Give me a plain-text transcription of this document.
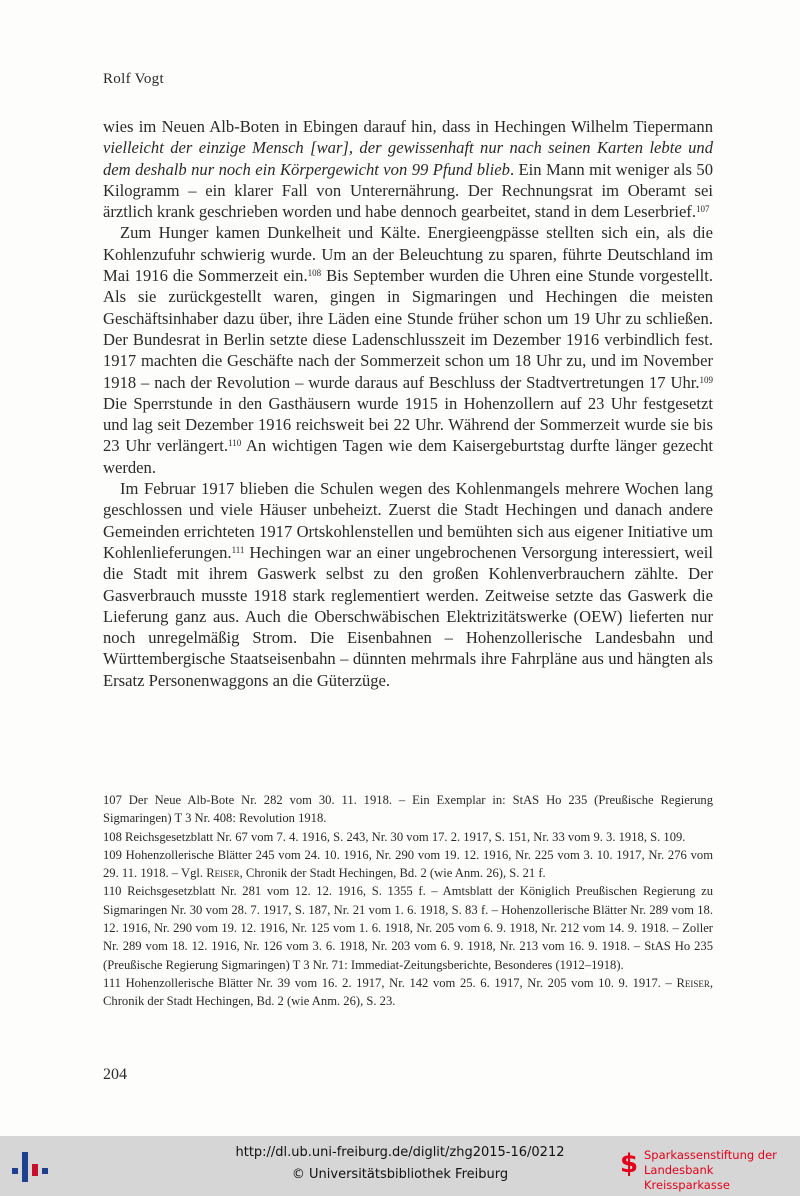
Rolf Vogt

wies im Neuen Alb-Boten in Ebingen darauf hin, dass in Hechingen Wilhelm Tiepermann vielleicht der einzige Mensch [war], der gewissenhaft nur nach seinen Karten lebte und dem deshalb nur noch ein Körpergewicht von 99 Pfund blieb. Ein Mann mit weniger als 50 Kilogramm – ein klarer Fall von Unterernährung. Der Rechnungsrat im Oberamt sei ärztlich krank geschrieben worden und habe dennoch gearbeitet, stand in dem Leserbrief.$^{107}$

Zum Hunger kamen Dunkelheit und Kälte. Energieengpässe stellten sich ein, als die Kohlenzufuhr schwierig wurde. Um an der Beleuchtung zu sparen, führte Deutschland im Mai 1916 die Sommerzeit ein.$^{108}$ Bis September wurden die Uhren eine Stunde vorgestellt. Als sie zurückgestellt waren, gingen in Sigmaringen und Hechingen die meisten Geschäftsinhaber dazu über, ihre Läden eine Stunde früher schon um 19 Uhr zu schließen. Der Bundesrat in Berlin setzte diese Ladenschlusszeit im Dezember 1916 verbindlich fest. 1917 machten die Geschäfte nach der Sommerzeit schon um 18 Uhr zu, und im November 1918 – nach der Revolution – wurde daraus auf Beschluss der Stadtvertretungen 17 Uhr.$^{109}$ Die Sperrstunde in den Gasthäusern wurde 1915 in Hohenzollern auf 23 Uhr festgesetzt und lag seit Dezember 1916 reichsweit bei 22 Uhr. Während der Sommerzeit wurde sie bis 23 Uhr verlängert.$^{110}$ An wichtigen Tagen wie dem Kaisergeburtstag durfte länger gezecht werden.

Im Februar 1917 blieben die Schulen wegen des Kohlenmangels mehrere Wochen lang geschlossen und viele Häuser unbeheizt. Zuerst die Stadt Hechingen und danach andere Gemeinden errichteten 1917 Ortskohlenstellen und bemühten sich aus eigener Initiative um Kohlenlieferungen.$^{111}$ Hechingen war an einer ungebrochenen Versorgung interessiert, weil die Stadt mit ihrem Gaswerk selbst zu den großen Kohlenverbrauchern zählte. Der Gasverbrauch musste 1918 stark reglementiert werden. Zeitweise setzte das Gaswerk die Lieferung ganz aus. Auch die Oberschwäbischen Elektrizitätswerke (OEW) lieferten nur noch unregelmäßig Strom. Die Eisenbahnen – Hohenzollerische Landesbahn und Württembergische Staatseisenbahn – dünnten mehrmals ihre Fahrpläne aus und hängten als Ersatz Personenwaggons an die Güterzüge.

107 Der Neue Alb-Bote Nr. 282 vom 30. 11. 1918. – Ein Exemplar in: StAS Ho 235 (Preußische Regierung Sigmaringen) T 3 Nr. 408: Revolution 1918.

108 Reichsgesetzblatt Nr. 67 vom 7. 4. 1916, S. 243, Nr. 30 vom 17. 2. 1917, S. 151, Nr. 33 vom 9. 3. 1918, S. 109.

109 Hohenzollerische Blätter 245 vom 24. 10. 1916, Nr. 290 vom 19. 12. 1916, Nr. 225 vom 3. 10. 1917, Nr. 276 vom 29. 11. 1918. – Vgl. Reiser, Chronik der Stadt Hechingen, Bd. 2 (wie Anm. 26), S. 21 f.

110 Reichsgesetzblatt Nr. 281 vom 12. 12. 1916, S. 1355 f. – Amtsblatt der Königlich Preußischen Regierung zu Sigmaringen Nr. 30 vom 28. 7. 1917, S. 187, Nr. 21 vom 1. 6. 1918, S. 83 f. – Hohenzollerische Blätter Nr. 289 vom 18. 12. 1916, Nr. 290 vom 19. 12. 1916, Nr. 125 vom 1. 6. 1918, Nr. 205 vom 6. 9. 1918, Nr. 212 vom 14. 9. 1918. – Zoller Nr. 289 vom 18. 12. 1916, Nr. 126 vom 3. 6. 1918, Nr. 203 vom 6. 9. 1918, Nr. 213 vom 16. 9. 1918. – StAS Ho 235 (Preußische Regierung Sigmaringen) T 3 Nr. 71: Immediat-Zeitungsberichte, Besonderes (1912–1918).

111 Hohenzollerische Blätter Nr. 39 vom 16. 2. 1917, Nr. 142 vom 25. 6. 1917, Nr. 205 vom 10. 9. 1917. – Reiser, Chronik der Stadt Hechingen, Bd. 2 (wie Anm. 26), S. 23.

204
http://dl.ub.uni-freiburg.de/diglit/zhg2015-16/0212
© Universitätsbibliothek Freiburg	$ Sparkassenstiftung der
Landesbank Kreissparkasse
